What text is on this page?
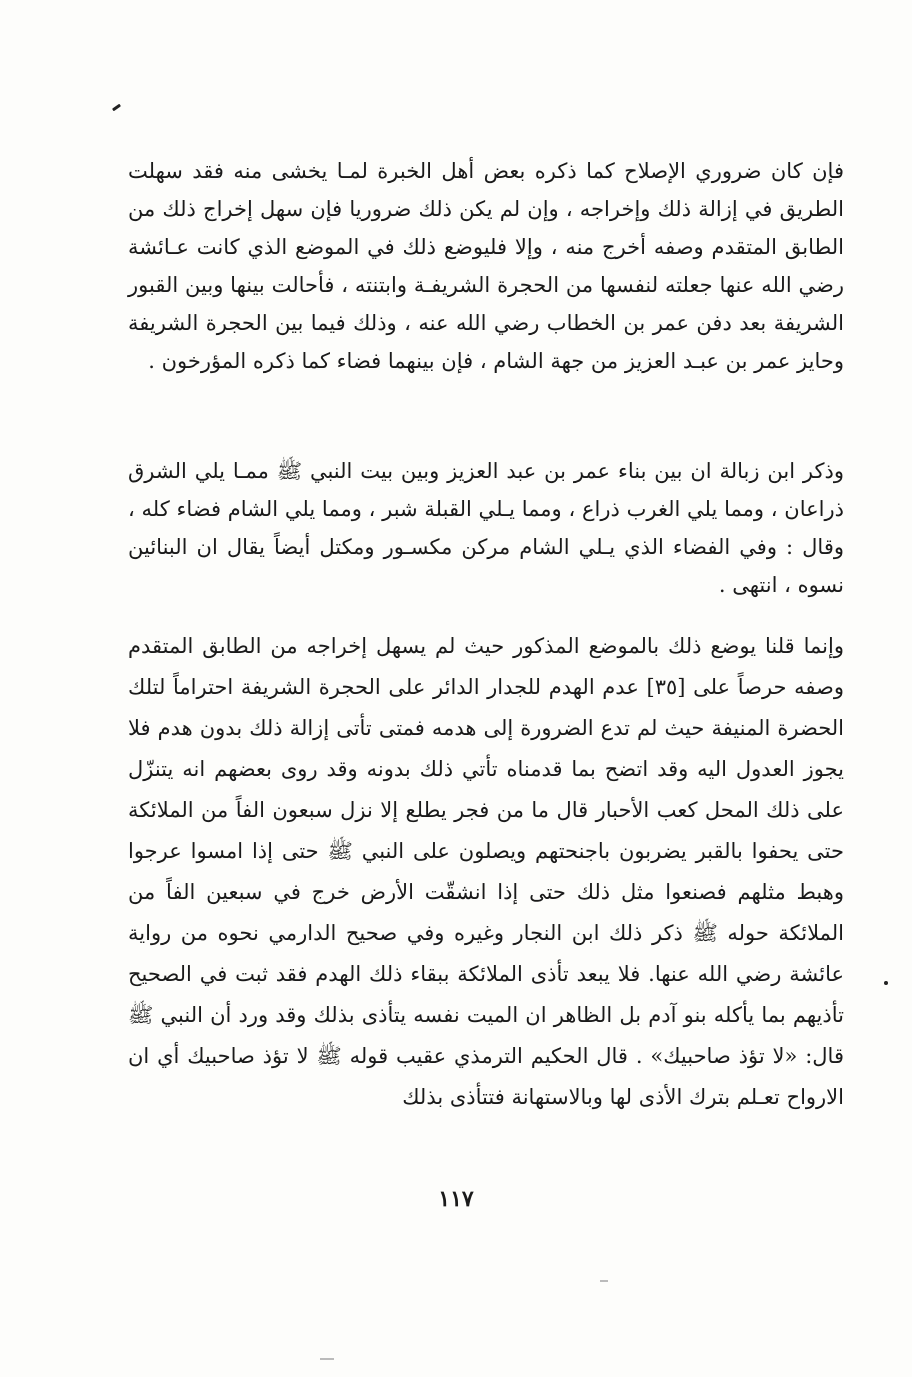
فإن كان ضروري الإصلاح كما ذكره بعض أهل الخبرة لمـا يخشى منه فقد سهلت الطريق في إزالة ذلك وإخراجه ، وإن لم يكن ذلك ضروريا فإن سهل إخراج ذلك من الطابق المتقدم وصفه أخرج منه ، وإلا فليوضع ذلك في الموضع الذي كانت عـائشة رضي الله عنها جعلته لنفسها من الحجرة الشريفـة وابتنته ، فأحالت بينها وبين القبور الشريفة بعد دفن عمر بن الخطاب رضي الله عنه ، وذلك فيما بين الحجرة الشريفة وحايز عمر بن عبـد العزيز من جهة الشام ، فإن بينهما فضاء كما ذكره المؤرخون .

وذكر ابن زبالة ان بين بناء عمر بن عبد العزيز وبين بيت النبي ﷺ ممـا يلي الشرق ذراعان ، ومما يلي الغرب ذراع ، ومما يـلي القبلة شبر ، ومما يلي الشام فضاء كله ، وقال : وفي الفضاء الذي يـلي الشام مركن مكسـور ومكتل أيضاً يقال ان البنائين نسوه ، انتهى .

وإنما قلنا يوضع ذلك بالموضع المذكور حيث لم يسهل إخراجه من الطابق المتقدم وصفه حرصاً على [٣٥] عدم الهدم للجدار الدائر على الحجرة الشريفة احتراماً لتلك الحضرة المنيفة حيث لم تدع الضرورة إلى هدمه فمتى تأتى إزالة ذلك بدون هدم فلا يجوز العدول اليه وقد اتضح بما قدمناه تأتي ذلك بدونه وقد روى بعضهم انه يتنزّل على ذلك المحل كعب الأحبار قال ما من فجر يطلع إلا نزل سبعون الفاً من الملائكة حتى يحفوا بالقبر يضربون باجنحتهم ويصلون على النبي ﷺ حتى إذا امسوا عرجوا وهبط مثلهم فصنعوا مثل ذلك حتى إذا انشقّت الأرض خرج في سبعين الفاً من الملائكة حوله ﷺ ذكر ذلك ابن النجار وغيره وفي صحيح الدارمي نحوه من رواية عائشة رضي الله عنها. فلا يبعد تأذى الملائكة ببقاء ذلك الهدم فقد ثبت في الصحيح تأذيهم بما يأكله بنو آدم بل الظاهر ان الميت نفسه يتأذى بذلك وقد ورد أن النبي ﷺ قال: «لا تؤذ صاحبيك» . قال الحكيم الترمذي عقيب قوله ﷺ لا تؤذ صاحبيك أي ان الارواح تعـلم بترك الأذى لها وبالاستهانة فتتأذى بذلك

١١٧
